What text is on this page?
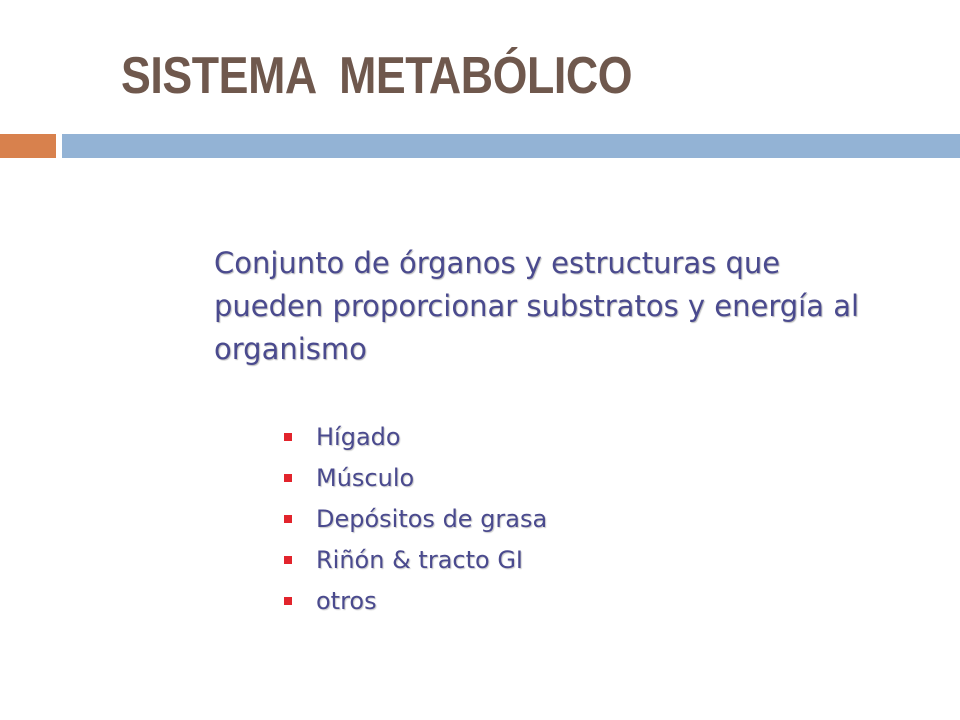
SISTEMA  METABÓLICO

Conjunto de órganos y estructuras que pueden proporcionar substratos y energía al organismo

Hígado
Músculo
Depósitos de grasa
Riñón & tracto GI
otros
